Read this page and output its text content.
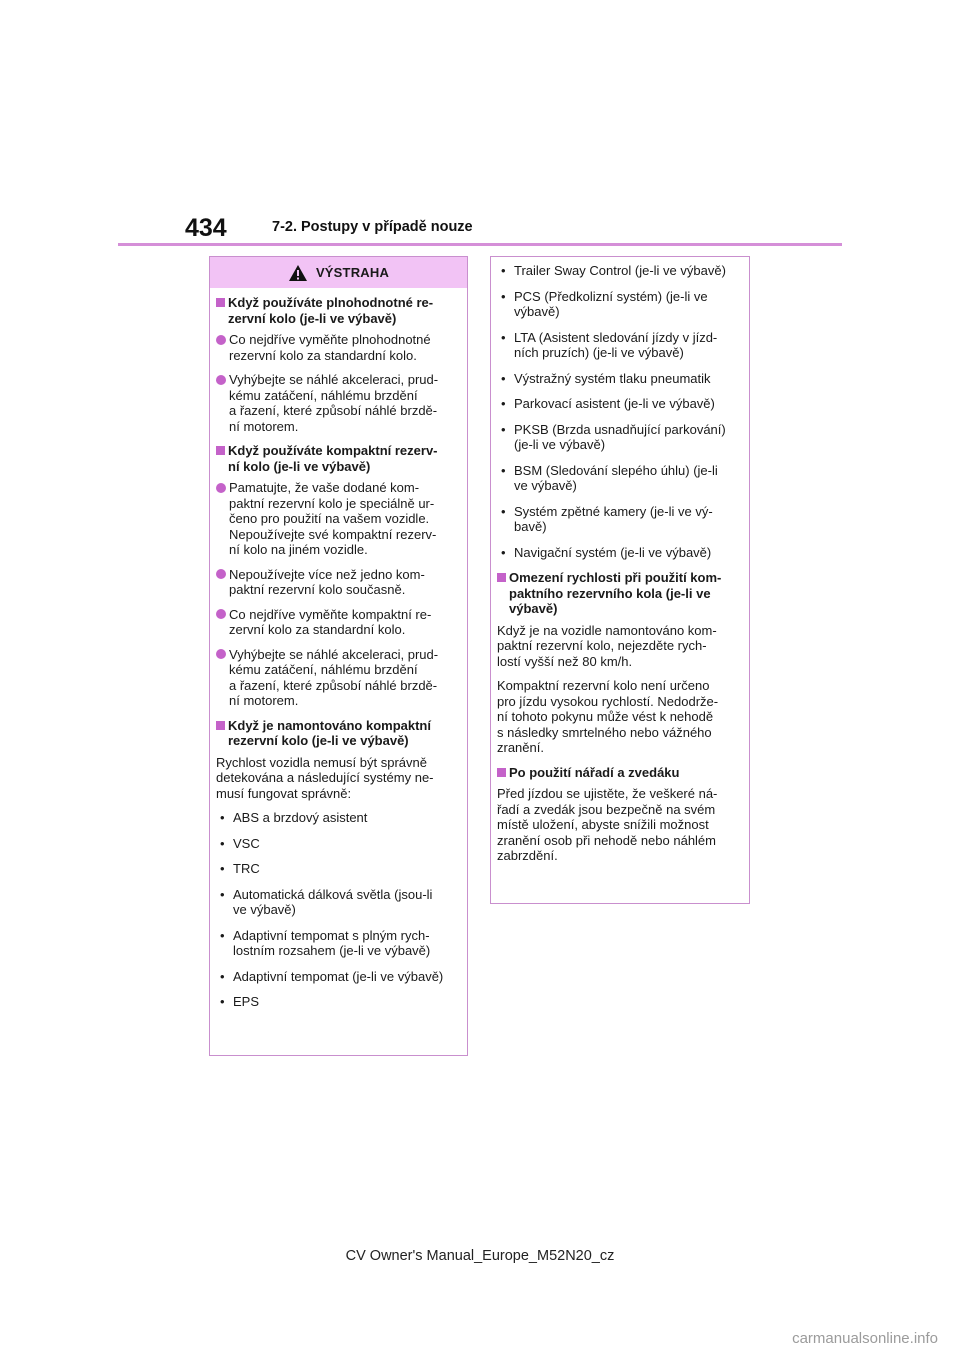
434	7-2. Postupy v případě nouze
VÝSTRAHA
Když používáte plnohodnotné re-
zervní kolo (je-li ve výbavě)
Co nejdříve vyměňte plnohodnotné
rezervní kolo za standardní kolo.
Vyhýbejte se náhlé akceleraci, prud-
kému zatáčení, náhlému brzdění
a řazení, které způsobí náhlé brzdě-
ní motorem.
Když používáte kompaktní rezerv-
ní kolo (je-li ve výbavě)
Pamatujte, že vaše dodané kom-
paktní rezervní kolo je speciálně ur-
čeno pro použití na vašem vozidle.
Nepoužívejte své kompaktní rezerv-
ní kolo na jiném vozidle.
Nepoužívejte více než jedno kom-
paktní rezervní kolo současně.
Co nejdříve vyměňte kompaktní re-
zervní kolo za standardní kolo.
Vyhýbejte se náhlé akceleraci, prud-
kému zatáčení, náhlému brzdění
a řazení, které způsobí náhlé brzdě-
ní motorem.
Když je namontováno kompaktní
rezervní kolo (je-li ve výbavě)
Rychlost vozidla nemusí být správně
detekována a následující systémy ne-
musí fungovat správně:
• ABS a brzdový asistent
• VSC
• TRC
• Automatická dálková světla (jsou-li
ve výbavě)
• Adaptivní tempomat s plným rych-
lostním rozsahem (je-li ve výbavě)
• Adaptivní tempomat (je-li ve výbavě)
• EPS
• Trailer Sway Control (je-li ve výbavě)
• PCS (Předkolizní systém) (je-li ve
výbavě)
• LTA (Asistent sledování jízdy v jízd-
ních pruzích) (je-li ve výbavě)
• Výstražný systém tlaku pneumatik
• Parkovací asistent (je-li ve výbavě)
• PKSB (Brzda usnadňující parkování)
(je-li ve výbavě)
• BSM (Sledování slepého úhlu) (je-li
ve výbavě)
• Systém zpětné kamery (je-li ve vý-
bavě)
• Navigační systém (je-li ve výbavě)
Omezení rychlosti při použití kom-
paktního rezervního kola (je-li ve
výbavě)
Když je na vozidle namontováno kom-
paktní rezervní kolo, nejezděte rych-
lostí vyšší než 80 km/h.
Kompaktní rezervní kolo není určeno
pro jízdu vysokou rychlostí. Nedodrže-
ní tohoto pokynu může vést k nehodě
s následky smrtelného nebo vážného
zranění.
Po použití nářadí a zvedáku
Před jízdou se ujistěte, že veškeré ná-
řadí a zvedák jsou bezpečně na svém
místě uložení, abyste snížili možnost
zranění osob při nehodě nebo náhlém
zabrzdění.
CV Owner's Manual_Europe_M52N20_cz
carmanualsonline.info
